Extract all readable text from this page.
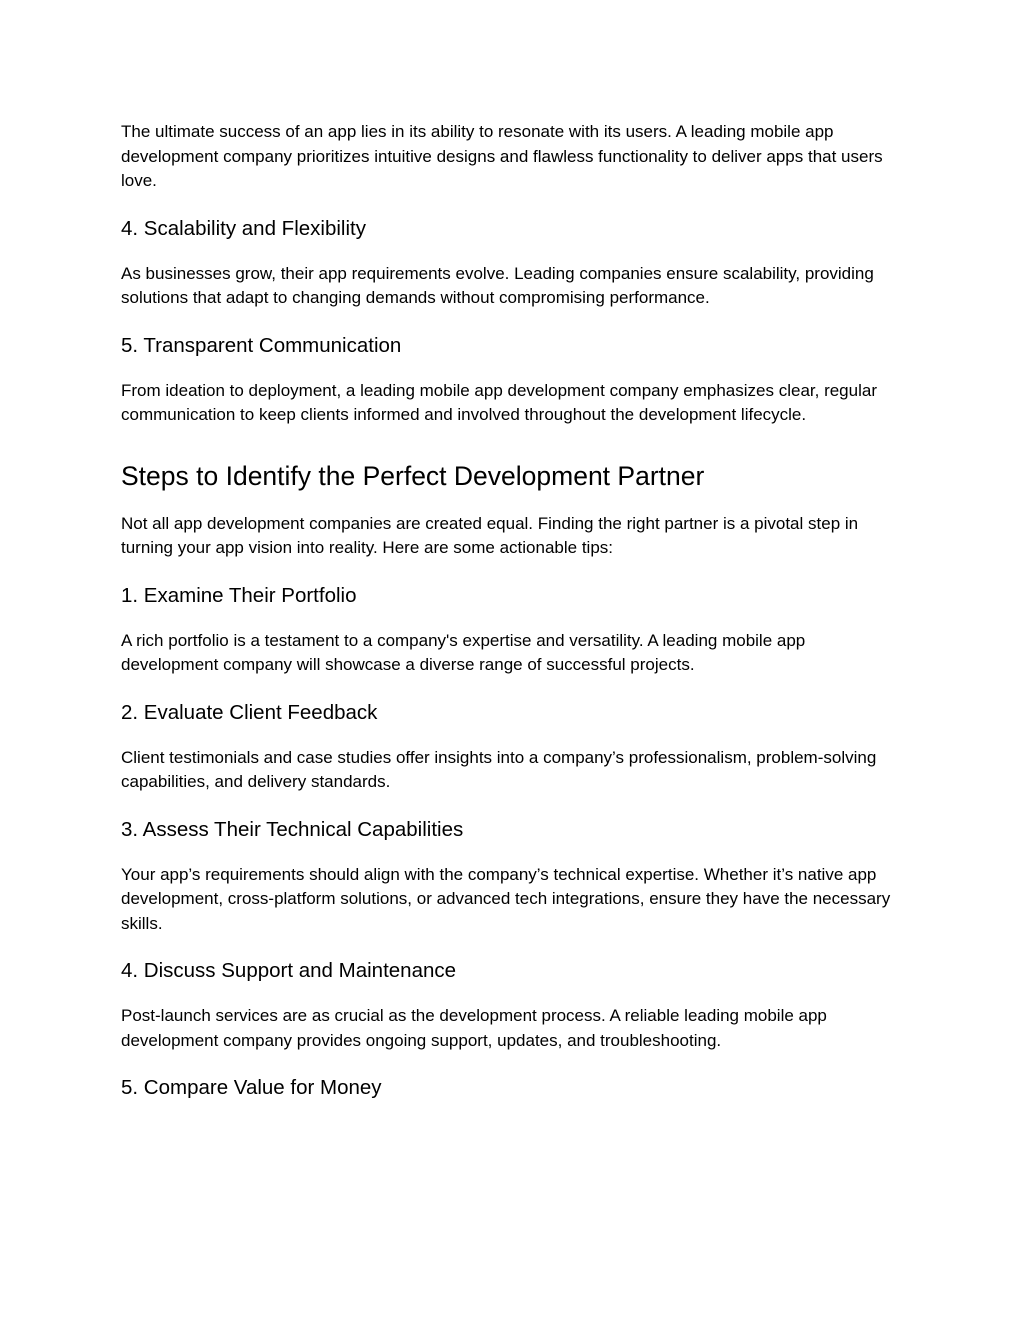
The ultimate success of an app lies in its ability to resonate with its users. A leading mobile app development company prioritizes intuitive designs and flawless functionality to deliver apps that users love.

4. Scalability and Flexibility

As businesses grow, their app requirements evolve. Leading companies ensure scalability, providing solutions that adapt to changing demands without compromising performance.

5. Transparent Communication

From ideation to deployment, a leading mobile app development company emphasizes clear, regular communication to keep clients informed and involved throughout the development lifecycle.

Steps to Identify the Perfect Development Partner

Not all app development companies are created equal. Finding the right partner is a pivotal step in turning your app vision into reality. Here are some actionable tips:

1. Examine Their Portfolio

A rich portfolio is a testament to a company's expertise and versatility. A leading mobile app development company will showcase a diverse range of successful projects.

2. Evaluate Client Feedback

Client testimonials and case studies offer insights into a company’s professionalism, problem-solving capabilities, and delivery standards.

3. Assess Their Technical Capabilities

Your app’s requirements should align with the company’s technical expertise. Whether it’s native app development, cross-platform solutions, or advanced tech integrations, ensure they have the necessary skills.

4. Discuss Support and Maintenance

Post-launch services are as crucial as the development process. A reliable leading mobile app development company provides ongoing support, updates, and troubleshooting.

5. Compare Value for Money
